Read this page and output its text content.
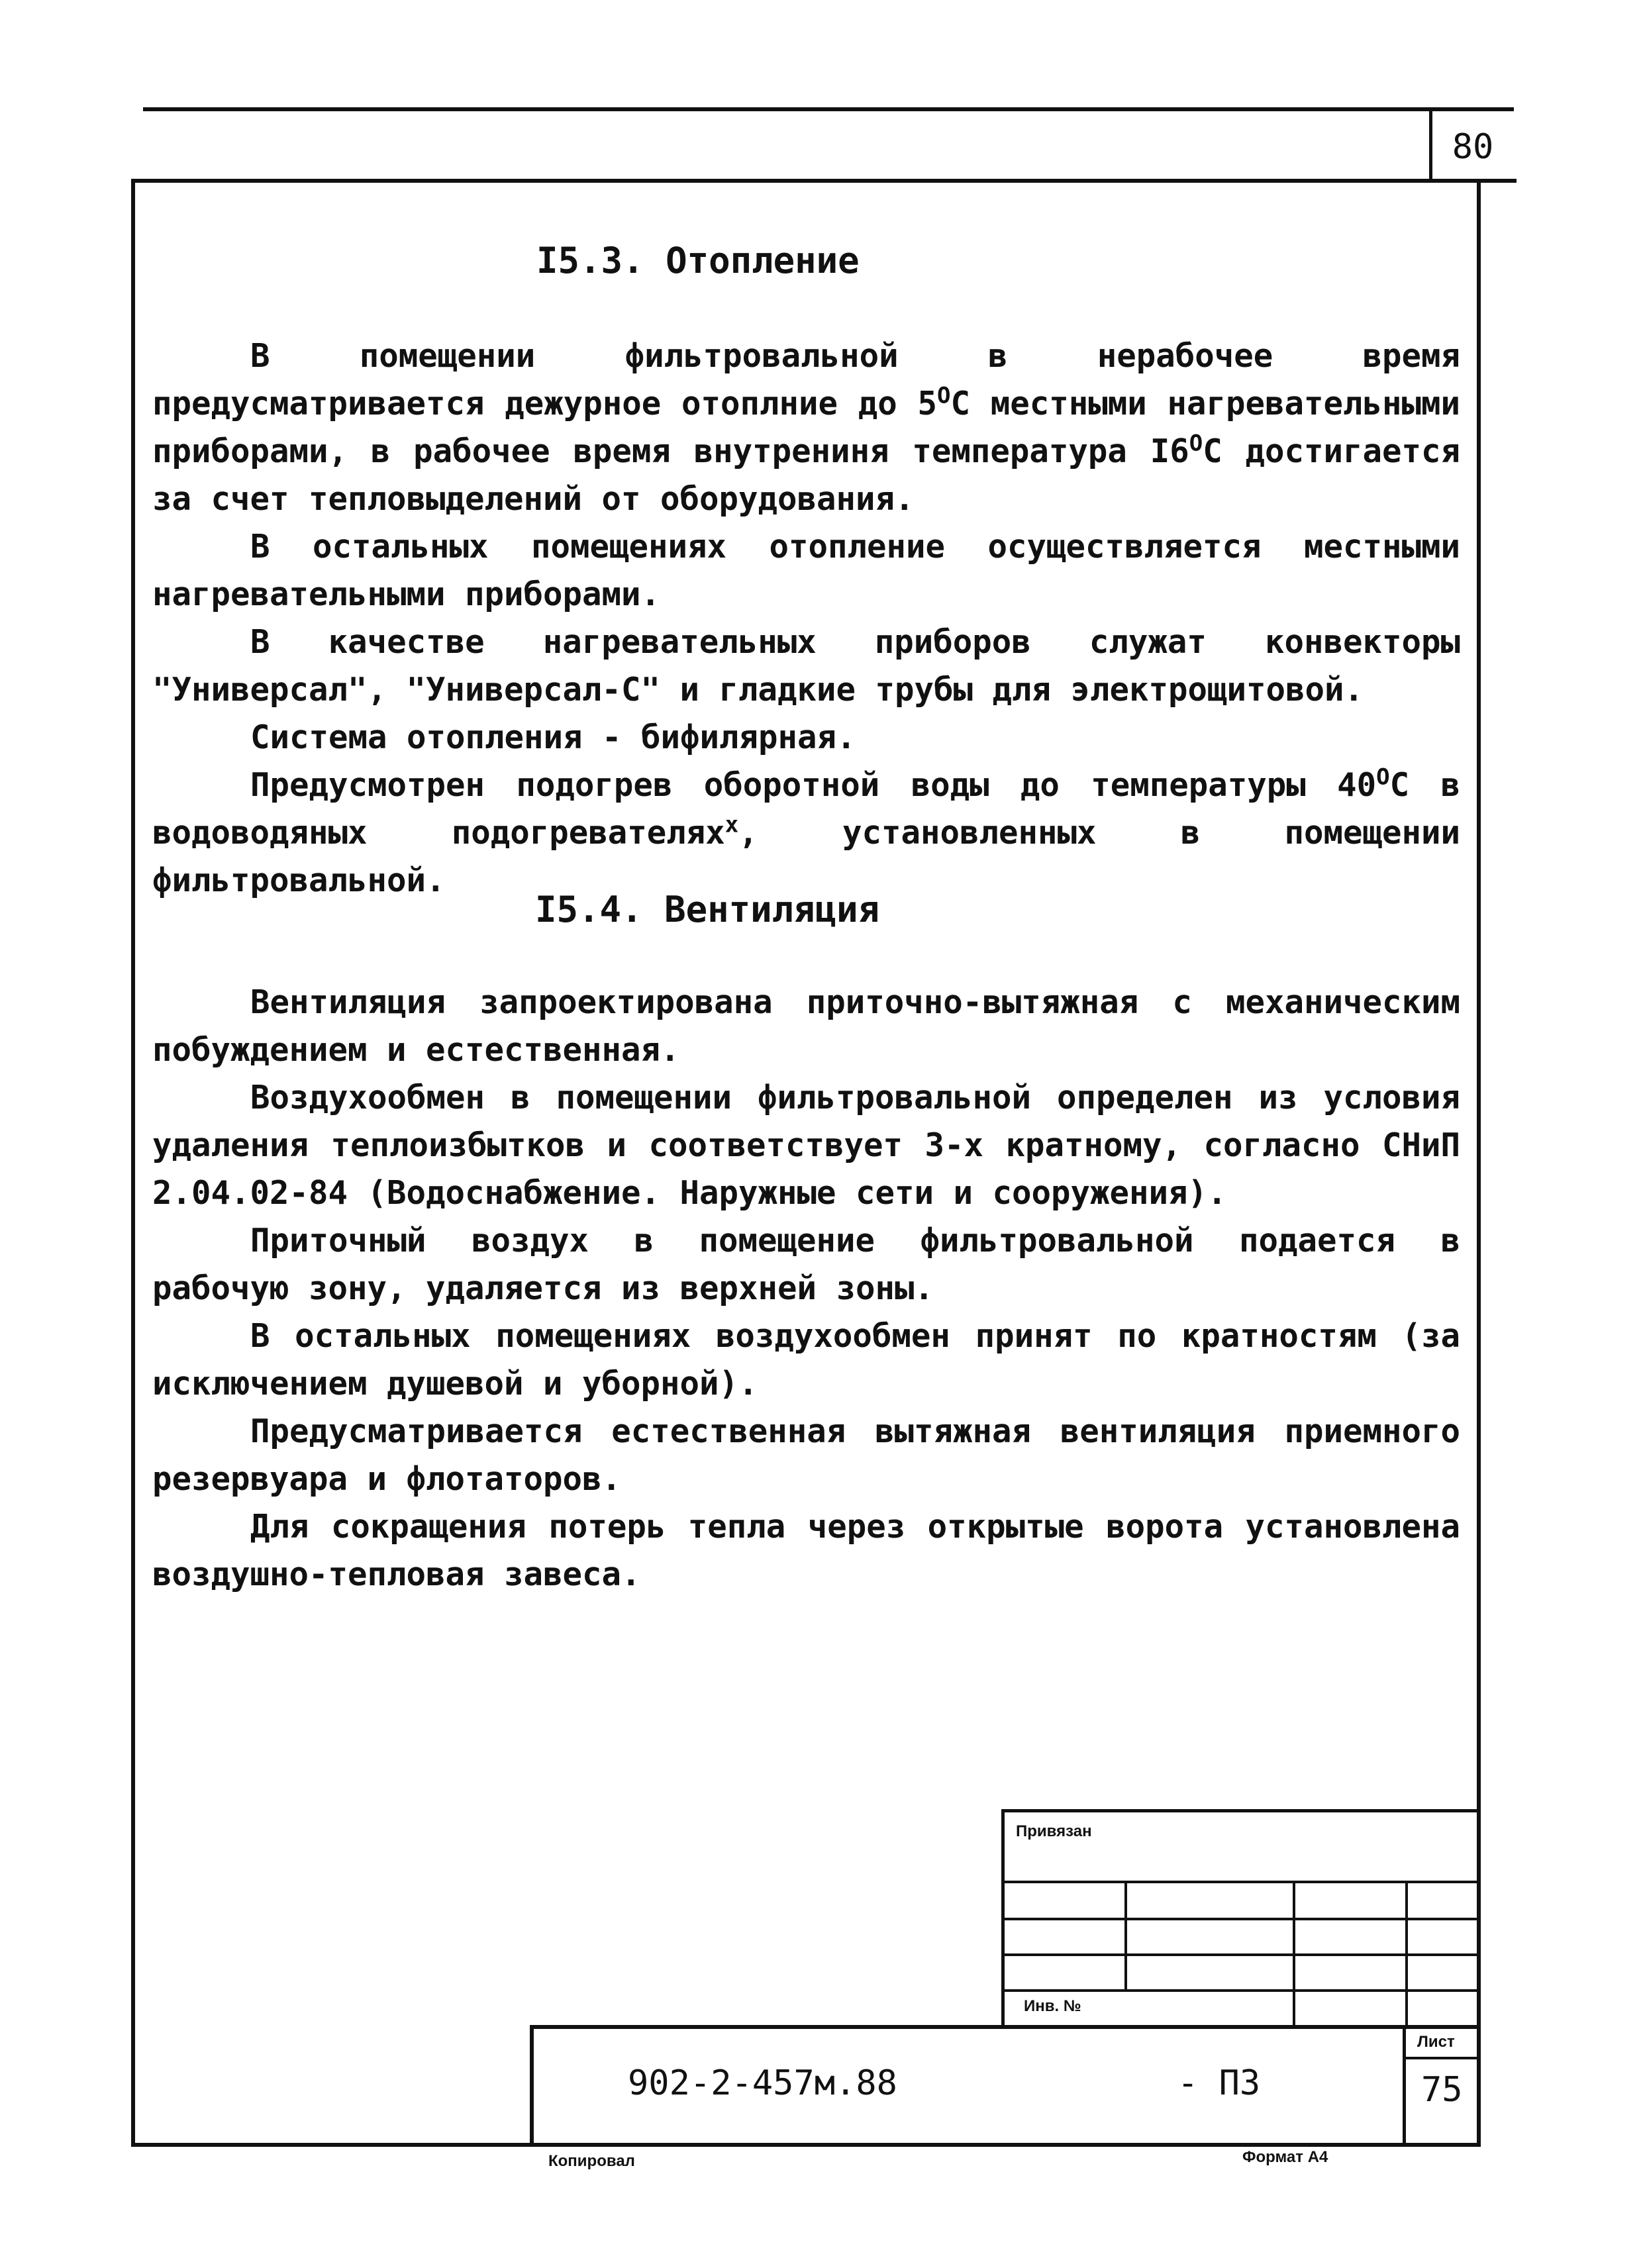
80
I5.3. Отопление

В помещении фильтровальной в нерабочее время предусматривается дежурное отоплние до $5^OС$ местными нагревательными приборами, в рабочее время внутрениня температура $I6^OС$ достигается за счет тепловыделений от оборудования.

В остальных помещениях отопление осуществляется местными нагревательными приборами.

В качестве нагревательных приборов служат конвекторы "Универсал", "Универсал-С" и гладкие трубы для электрощитовой.

Система отопления - бифилярная.

Предусмотрен подогрев оборотной воды до температуры $40^OС$ в водоводяных подогревателях$^x$, установленных в помещении фильтровальной.

I5.4. Вентиляция

Вентиляция запроектирована приточно-вытяжная с механическим побуждением и естественная.

Воздухообмен в помещении фильтровальной определен из условия удаления теплоизбытков и соответствует 3-х кратному, согласно СНиП 2.04.02-84 (Водоснабжение. Наружные сети и сооружения).

Приточный воздух в помещение фильтровальной подается в рабочую зону, удаляется из верхней зоны.

В остальных помещениях воздухообмен принят по кратностям (за исключением душевой и уборной).

Предусматривается естественная вытяжная вентиляция приемного резервуара и флотаторов.

Для сокращения потерь тепла через открытые ворота установлена воздушно-тепловая завеса.

Привязан
Инв. №
902-2-457м.88	- ПЗ
Лист
75
Копировал	Формат А4
